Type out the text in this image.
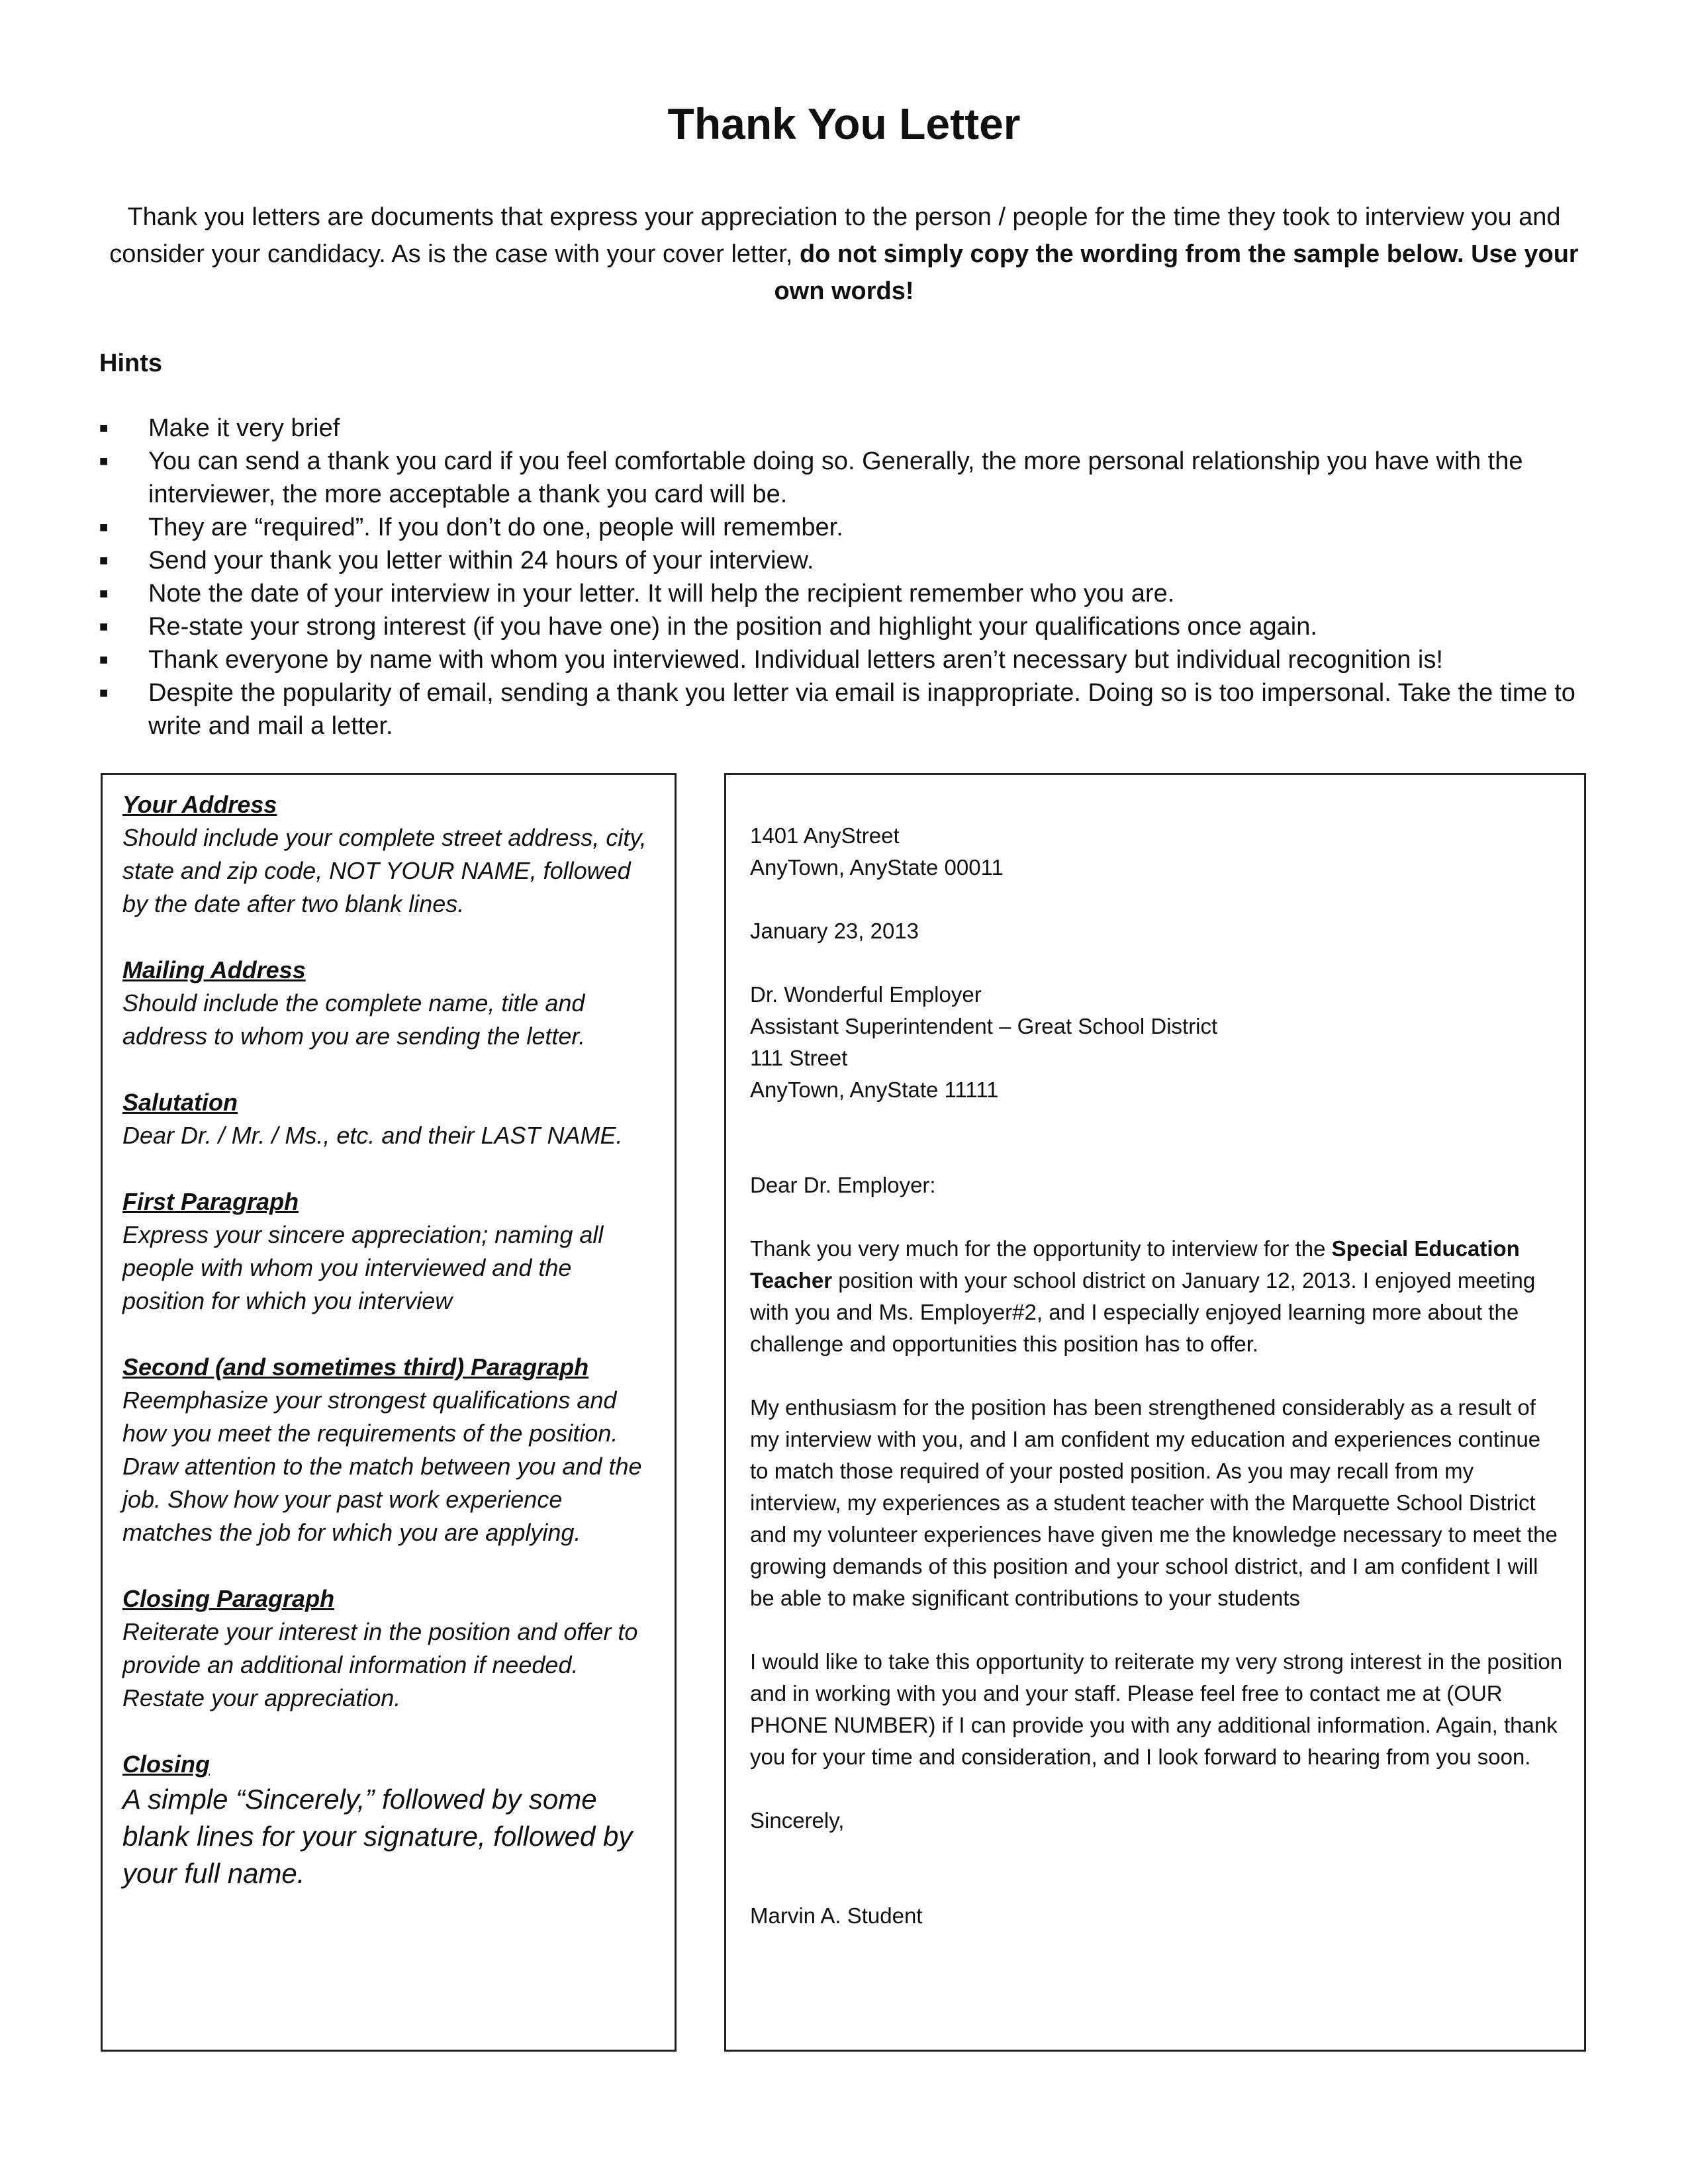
Thank You Letter
Thank you letters are documents that express your appreciation to the person / people for the time they took to interview you and consider your candidacy. As is the case with your cover letter, do not simply copy the wording from the sample below. Use your own words!
Hints
■ Make it very brief
■ You can send a thank you card if you feel comfortable doing so. Generally, the more personal relationship you have with the interviewer, the more acceptable a thank you card will be.
■ They are “required”. If you don’t do one, people will remember.
■ Send your thank you letter within 24 hours of your interview.
■ Note the date of your interview in your letter. It will help the recipient remember who you are.
■ Re-state your strong interest (if you have one) in the position and highlight your qualifications once again.
■ Thank everyone by name with whom you interviewed. Individual letters aren’t necessary but individual recognition is!
■ Despite the popularity of email, sending a thank you letter via email is inappropriate. Doing so is too impersonal. Take the time to write and mail a letter.
Your Address
Should include your complete street address, city, state and zip code, NOT YOUR NAME, followed by the date after two blank lines.
Mailing Address
Should include the complete name, title and address to whom you are sending the letter.
Salutation
Dear Dr. / Mr. / Ms., etc. and their LAST NAME.
First Paragraph
Express your sincere appreciation; naming all people with whom you interviewed and the position for which you interview
Second (and sometimes third) Paragraph
Reemphasize your strongest qualifications and how you meet the requirements of the position. Draw attention to the match between you and the job. Show how your past work experience matches the job for which you are applying.
Closing Paragraph
Reiterate your interest in the position and offer to provide an additional information if needed. Restate your appreciation.
Closing
A simple “Sincerely,” followed by some blank lines for your signature, followed by your full name.

1401 AnyStreet
AnyTown, AnyState 00011

January 23, 2013

Dr. Wonderful Employer
Assistant Superintendent – Great School District
111 Street
AnyTown, AnyState 11111

Dear Dr. Employer:

Thank you very much for the opportunity to interview for the Special Education Teacher position with your school district on January 12, 2013. I enjoyed meeting with you and Ms. Employer#2, and I especially enjoyed learning more about the challenge and opportunities this position has to offer.

My enthusiasm for the position has been strengthened considerably as a result of my interview with you, and I am confident my education and experiences continue to match those required of your posted position. As you may recall from my interview, my experiences as a student teacher with the Marquette School District and my volunteer experiences have given me the knowledge necessary to meet the growing demands of this position and your school district, and I am confident I will be able to make significant contributions to your students

I would like to take this opportunity to reiterate my very strong interest in the position and in working with you and your staff. Please feel free to contact me at (OUR PHONE NUMBER) if I can provide you with any additional information. Again, thank you for your time and consideration, and I look forward to hearing from you soon.

Sincerely,

Marvin A. Student
